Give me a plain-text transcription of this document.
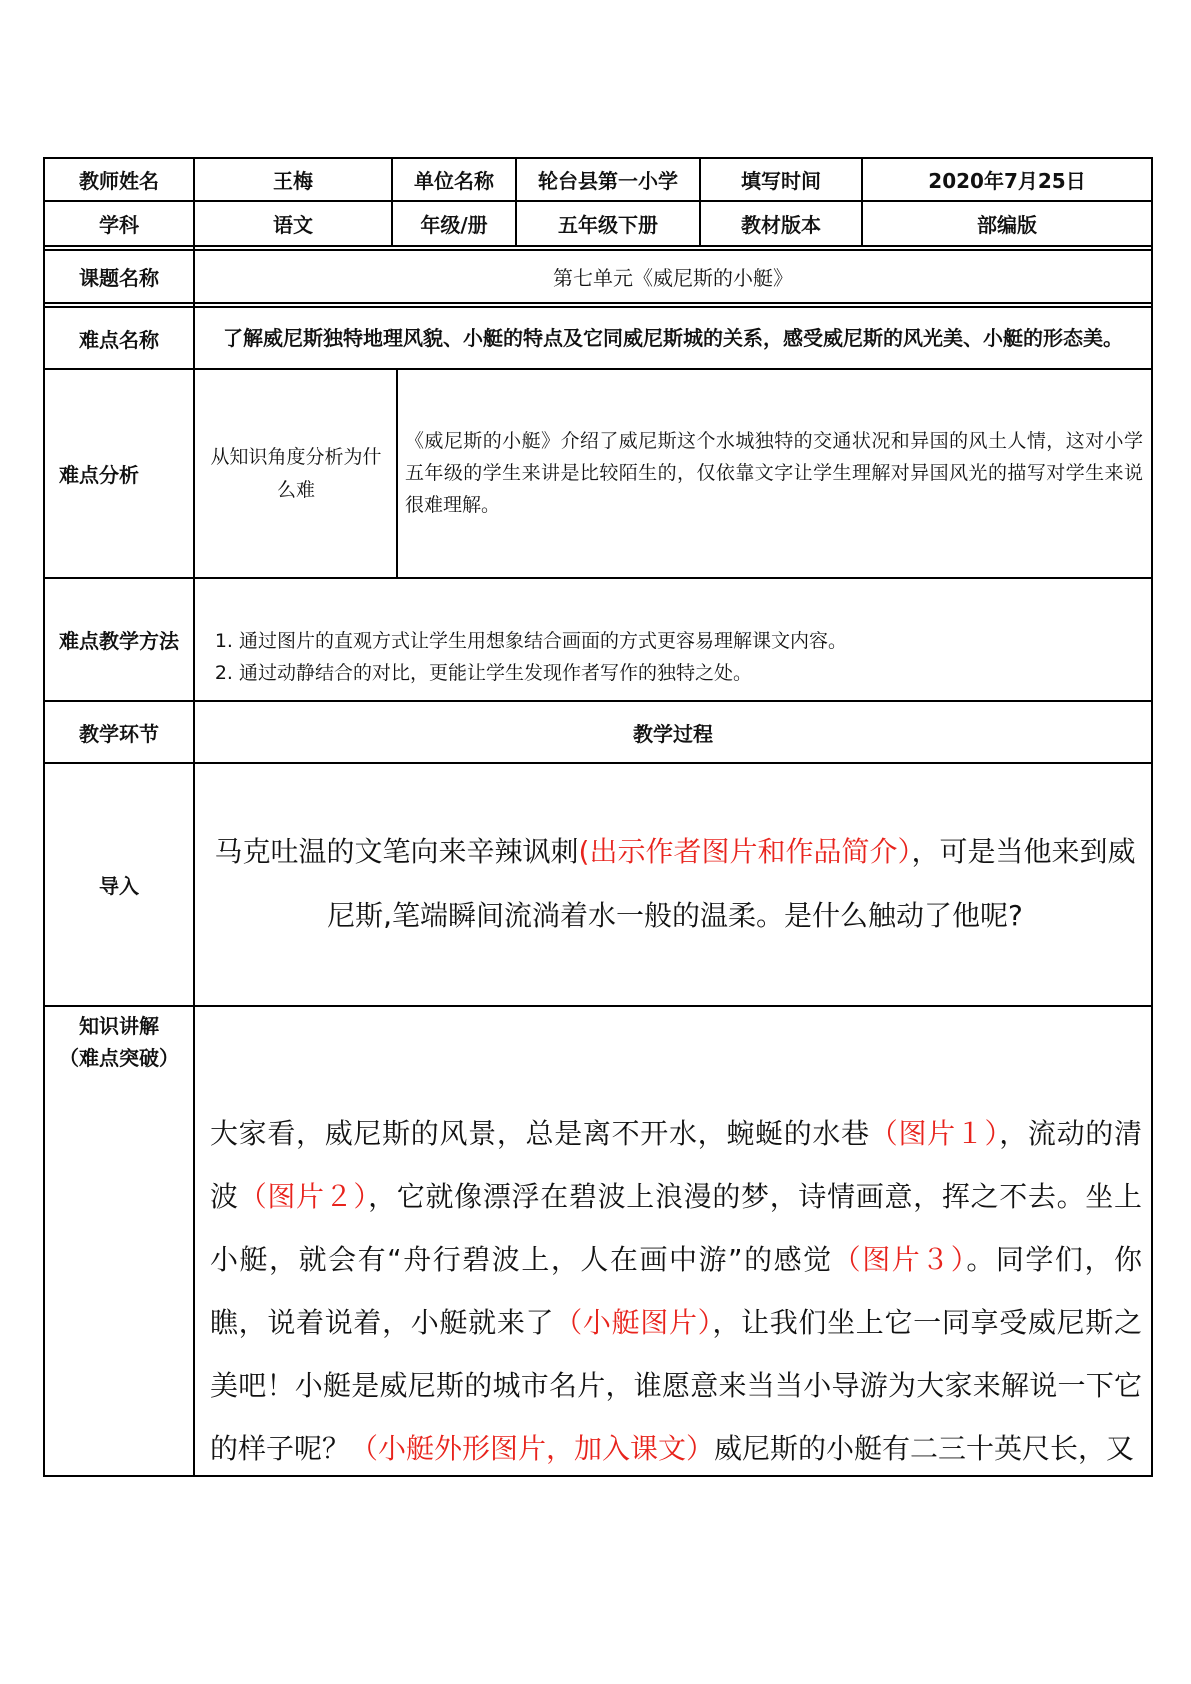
教师姓名	王梅	单位名称	轮台县第一小学	填写时间	2020年7月25日
学科	语文	年级/册	五年级下册	教材版本	部编版
课题名称	第七单元《威尼斯的小艇》
难点名称	了解威尼斯独特地理风貌、小艇的特点及它同威尼斯城的关系，感受威尼斯的风光美、小艇的形态美。
难点分析
从知识角度分析为什么难
《威尼斯的小艇》介绍了威尼斯这个水城独特的交通状况和异国的风土人情，这对小学五年级的学生来讲是比较陌生的，仅依靠文字让学生理解对异国风光的描写对学生来说很难理解。
难点教学方法
1.	通过图片的直观方式让学生用想象结合画面的方式更容易理解课文内容。
2. 通过动静结合的对比，更能让学生发现作者写作的独特之处。
教学环节	教学过程
导入
马克吐温的文笔向来辛辣讽刺(出示作者图片和作品简介），可是当他来到威尼斯,笔端瞬间流淌着水一般的温柔。是什么触动了他呢?
知识讲解
（难点突破）
大家看，威尼斯的风景，总是离不开水，蜿蜒的水巷（图片１），流动的清波（图片２），它就像漂浮在碧波上浪漫的梦，诗情画意，挥之不去。坐上小艇，就会有“舟行碧波上，人在画中游”的感觉（图片３）。同学们，你瞧，说着说着，小艇就来了（小艇图片），让我们坐上它一同享受威尼斯之美吧！小艇是威尼斯的城市名片，谁愿意来当当小导游为大家来解说一下它的样子呢？（小艇外形图片，加入课文）威尼斯的小艇有二三十英尺长，又
